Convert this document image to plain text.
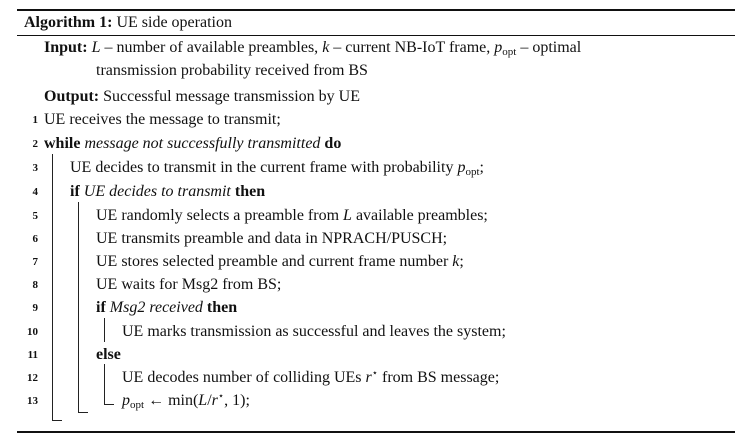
Algorithm 1: UE side operation
Input: L – number of available preambles, k – current NB-IoT frame, $p_{opt}$ – optimal
transmission probability received from BS
Output: Successful message transmission by UE
1
2
3
4
5
6
7
8
9
10
11
12
13
UE receives the message to transmit;
while message not successfully transmitted do
UE decides to transmit in the current frame with probability $p_{opt}$;
if UE decides to transmit then
UE randomly selects a preamble from L available preambles;
UE transmits preamble and data in NPRACH/PUSCH;
UE stores selected preamble and current frame number k;
UE waits for Msg2 from BS;
if Msg2 received then
UE marks transmission as successful and leaves the system;
else
UE decodes number of colliding UEs r⋆ from BS message;
$p_{opt}$ ← min(L/r⋆, 1);
